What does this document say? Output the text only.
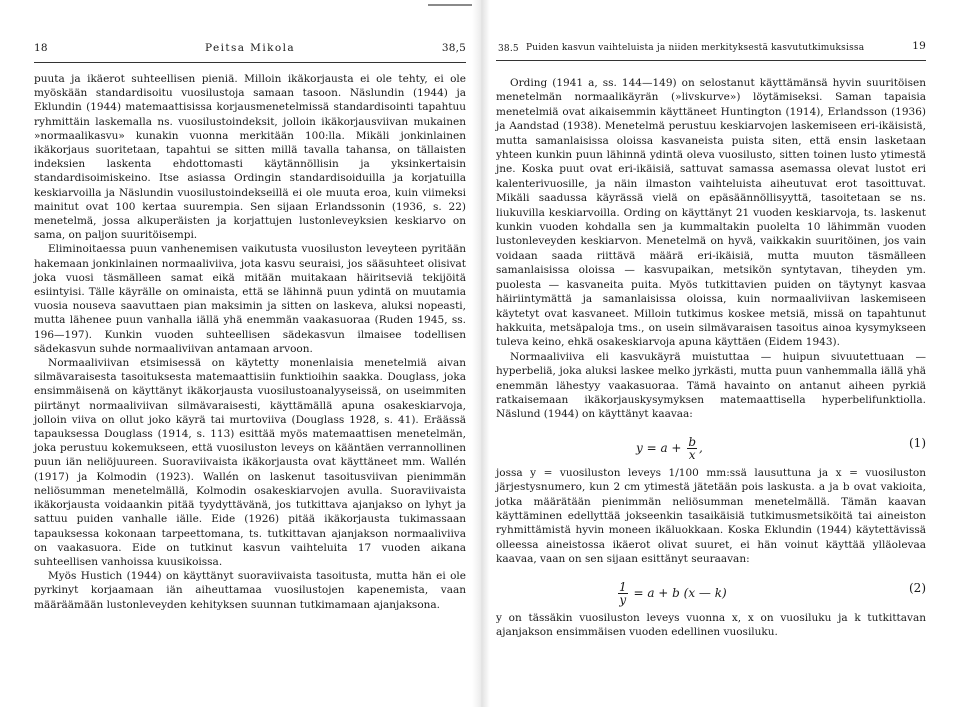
18	Peitsa Mikola	38,5

puuta ja ikäerot suhteellisen pieniä. Milloin ikäkorjausta ei ole tehty, ei ole myöskään standardisoitu vuosilustoja samaan tasoon. Näslundin (1944) ja Eklundin (1944) matemaattisissa korjausmenetelmissä standardisointi tapahtuu ryhmittäin laskemalla ns. vuosilustoindeksit, jolloin ikäkorjausviivan mukainen »normaalikasvu» kunakin vuonna merkitään 100:lla. Mikäli jonkinlainen ikäkorjaus suoritetaan, tapahtui se sitten millä tavalla tahansa, on tällaisten indeksien laskenta ehdottomasti käytännöllisin ja yksinkertaisin standardisoimiskeino. Itse asiassa Ordingin standardisoiduilla ja korjatuilla keskiarvoilla ja Näslundin vuosilustoindekseillä ei ole muuta eroa, kuin viimeksi mainitut ovat 100 kertaa suurempia. Sen sijaan Erlandssonin (1936, s. 22) menetelmä, jossa alkuperäisten ja korjattujen lustonleveyksien keskiarvo on sama, on paljon suuritöisempi.

Eliminoitaessa puun vanhenemisen vaikutusta vuosiluston leveyteen pyritään hakemaan jonkinlainen normaaliviiva, jota kasvu seuraisi, jos sääsuhteet olisivat joka vuosi täsmälleen samat eikä mitään muitakaan häiritseviä tekijöitä esiintyisi. Tälle käyrälle on ominaista, että se lähinnä puun ydintä on muutamia vuosia nouseva saavuttaen pian maksimin ja sitten on laskeva, aluksi nopeasti, mutta lähenee puun vanhalla iällä yhä enemmän vaakasuoraa (Ruden 1945, ss. 196—197). Kunkin vuoden suhteellisen sädekasvun ilmaisee todellisen sädekasvun suhde normaaliviivan antamaan arvoon.

Normaaliviivan etsimisessä on käytetty monenlaisia menetelmiä aivan silmävaraisesta tasoituksesta matemaattisiin funktioihin saakka. Douglass, joka ensimmäisenä on käyttänyt ikäkorjausta vuosilustoanalyyseissä, on useimmiten piirtänyt normaaliviivan silmävaraisesti, käyttämällä apuna osakeskiarvoja, jolloin viiva on ollut joko käyrä tai murtoviiva (Douglass 1928, s. 41). Eräässä tapauksessa Douglass (1914, s. 113) esittää myös matemaattisen menetelmän, joka perustuu kokemukseen, että vuosiluston leveys on kääntäen verrannollinen puun iän neliöjuureen. Suoraviivaista ikäkorjausta ovat käyttäneet mm. Wallén (1917) ja Kolmodin (1923). Wallén on laskenut tasoitusviivan pienimmän neliösumman menetelmällä, Kolmodin osakeskiarvojen avulla. Suoraviivaista ikäkorjausta voidaankin pitää tyydyttävänä, jos tutkittava ajanjakso on lyhyt ja sattuu puiden vanhalle iälle. Eide (1926) pitää ikäkorjausta tukimassaan tapauksessa kokonaan tarpeettomana, ts. tutkittavan ajanjakson normaaliviiva on vaakasuora. Eide on tutkinut kasvun vaihteluita 17 vuoden aikana suhteellisen vanhoissa kuusikoissa.

Myös Hustich (1944) on käyttänyt suoraviivaista tasoitusta, mutta hän ei ole pyrkinyt korjaamaan iän aiheuttamaa vuosilustojen kapenemista, vaan määräämään lustonleveyden kehityksen suunnan tutkimamaan ajanjaksona.

38.5 Puiden kasvun vaihteluista ja niiden merkityksestä kasvututkimuksissa	19

Ording (1941 a, ss. 144—149) on selostanut käyttämänsä hyvin suuritöisen menetelmän normaalikäyrän (»livskurve») löytämiseksi. Saman tapaisia menetelmiä ovat aikaisemmin käyttäneet Huntington (1914), Erlandsson (1936) ja Aandstad (1938). Menetelmä perustuu keskiarvojen laskemiseen eri-ikäisistä, mutta samanlaisissa oloissa kasvaneista puista siten, että ensin lasketaan yhteen kunkin puun lähinnä ydintä oleva vuosilusto, sitten toinen lusto ytimestä jne. Koska puut ovat eri-ikäisiä, sattuvat samassa asemassa olevat lustot eri kalenterivuosille, ja näin ilmaston vaihteluista aiheutuvat erot tasoittuvat. Mikäli saadussa käyrässä vielä on epäsäännöllisyyttä, tasoitetaan se ns. liukuvilla keskiarvoilla. Ording on käyttänyt 21 vuoden keskiarvoja, ts. laskenut kunkin vuoden kohdalla sen ja kummaltakin puolelta 10 lähimmän vuoden lustonleveyden keskiarvon. Menetelmä on hyvä, vaikkakin suuritöinen, jos vain voidaan saada riittävä määrä eri-ikäisiä, mutta muuton täsmälleen samanlaisissa oloissa — kasvupaikan, metsikön syntytavan, tiheyden ym. puolesta — kasvaneita puita. Myös tutkittavien puiden on täytynyt kasvaa häiriintymättä ja samanlaisissa oloissa, kuin normaaliviivan laskemiseen käytetyt ovat kasvaneet. Milloin tutkimus koskee metsiä, missä on tapahtunut hakkuita, metsäpaloja tms., on usein silmävaraisen tasoitus ainoa kysymykseen tuleva keino, ehkä osakeskiarvoja apuna käyttäen (Eidem 1943).

Normaaliviiva eli kasvukäyrä muistuttaa — huipun sivuutettuaan — hyperbeliä, joka aluksi laskee melko jyrkästi, mutta puun vanhemmalla iällä yhä enemmän lähestyy vaakasuoraa. Tämä havainto on antanut aiheen pyrkiä ratkaisemaan ikäkorjauskysymyksen matemaattisella hyperbelifunktiolla. Näslund (1944) on käyttänyt kaavaa:

$y = a + \frac{b}{x}$ ,	(1)

jossa y = vuosiluston leveys 1/100 mm:ssä lausuttuna ja x = vuosiluston järjestysnumero, kun 2 cm ytimestä jätetään pois laskusta. a ja b ovat vakioita, jotka määrätään pienimmän neliösumman menetelmällä. Tämän kaavan käyttäminen edellyttää jokseenkin tasaikäisiä tutkimusmetsiköitä tai aineiston ryhmittämistä hyvin moneen ikäluokkaan. Koska Eklundin (1944) käytettävissä olleessa aineistossa ikäerot olivat suuret, ei hän voinut käyttää ylläolevaa kaavaa, vaan on sen sijaan esittänyt seuraavan:

$\frac{1}{y} = a + b$ (x — k)	(2)

y on tässäkin vuosiluston leveys vuonna x, x on vuosiluku ja k tutkittavan ajanjakson ensimmäisen vuoden edellinen vuosiluku.
